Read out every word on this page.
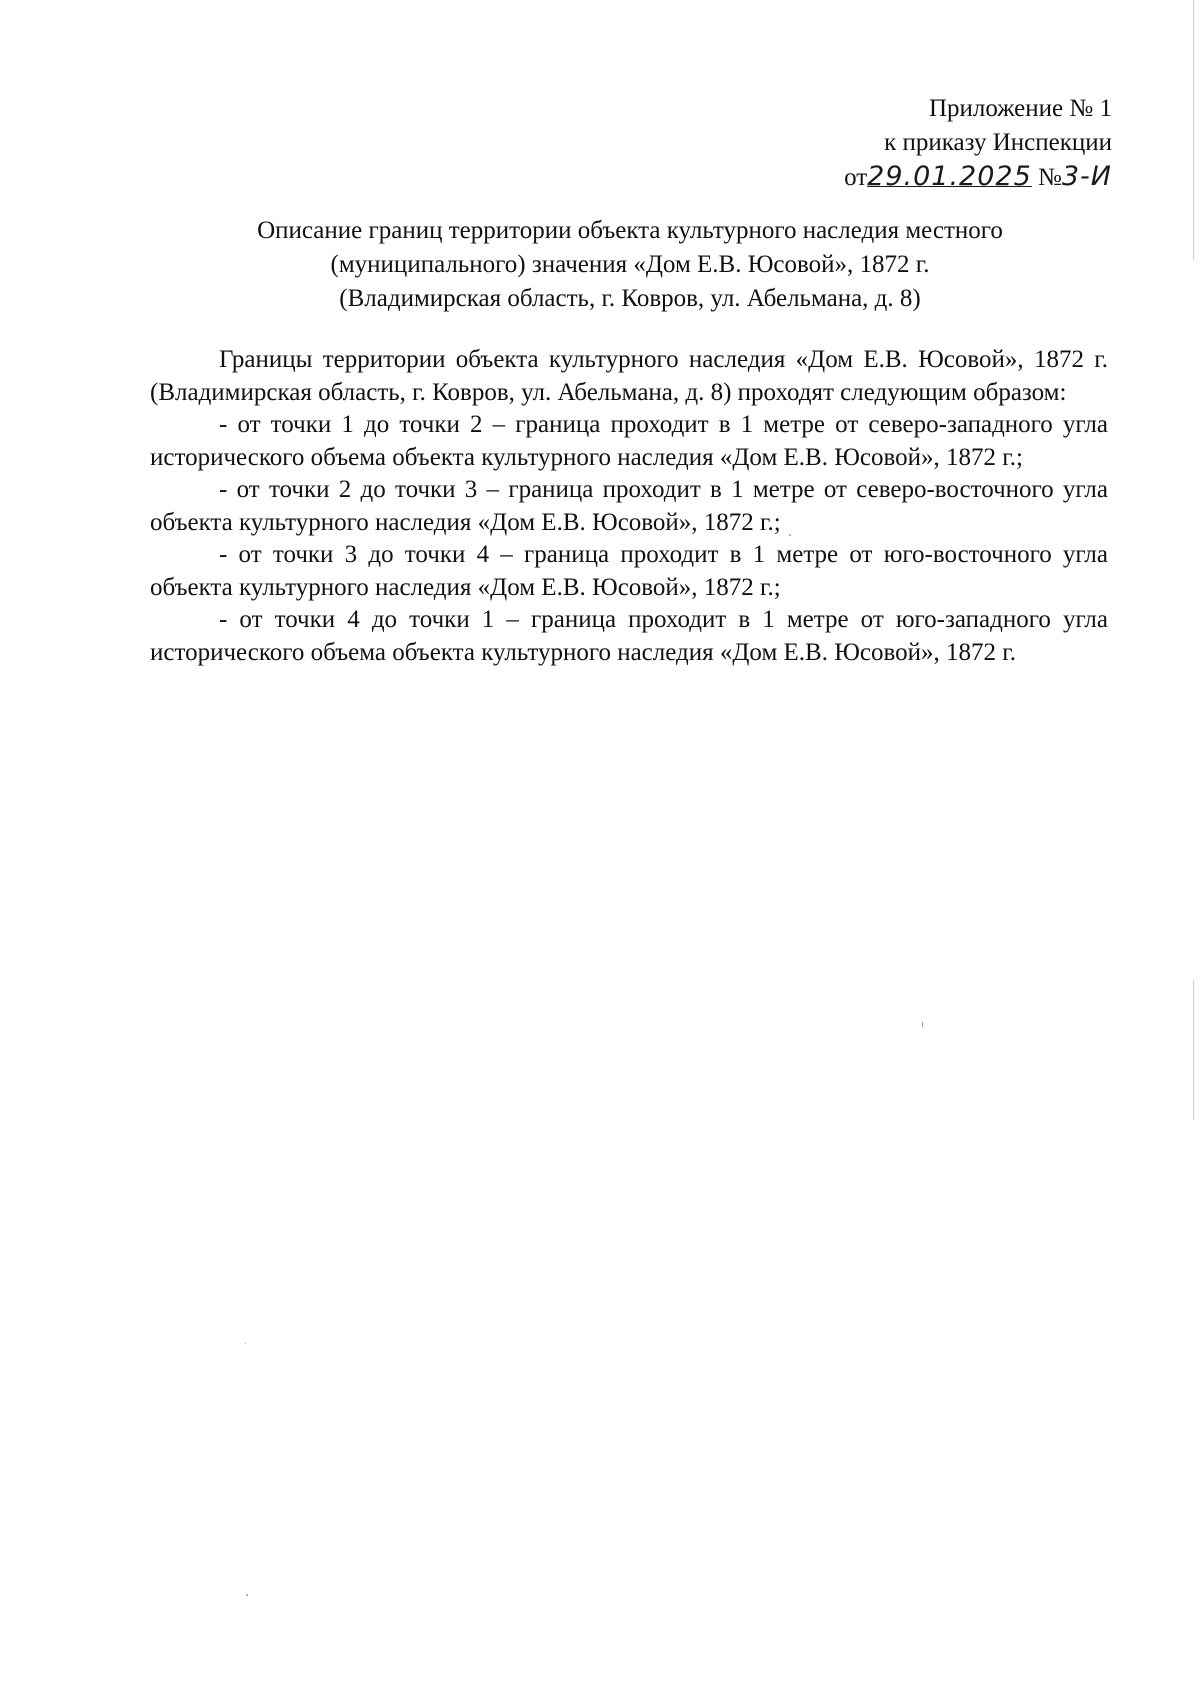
Приложение № 1
к приказу Инспекции
от29.01.2025 №3-И
Описание границ территории объекта культурного наследия местного
(муниципального) значения «Дом Е.В. Юсовой», 1872 г.
(Владимирская область, г. Ковров, ул. Абельмана, д. 8)

Границы территории объекта культурного наследия «Дом Е.В. Юсовой», 1872 г. (Владимирская область, г. Ковров, ул. Абельмана, д. 8) проходят следующим образом:

- от точки 1 до точки 2 – граница проходит в 1 метре от северо-западного угла исторического объема объекта культурного наследия «Дом Е.В. Юсовой», 1872 г.;

- от точки 2 до точки 3 – граница проходит в 1 метре от северо-восточного угла объекта культурного наследия «Дом Е.В. Юсовой», 1872 г.;

- от точки 3 до точки 4 – граница проходит в 1 метре от юго-восточного угла объекта культурного наследия «Дом Е.В. Юсовой», 1872 г.;

- от точки 4 до точки 1 – граница проходит в 1 метре от юго-западного угла исторического объема объекта культурного наследия «Дом Е.В. Юсовой», 1872 г.
